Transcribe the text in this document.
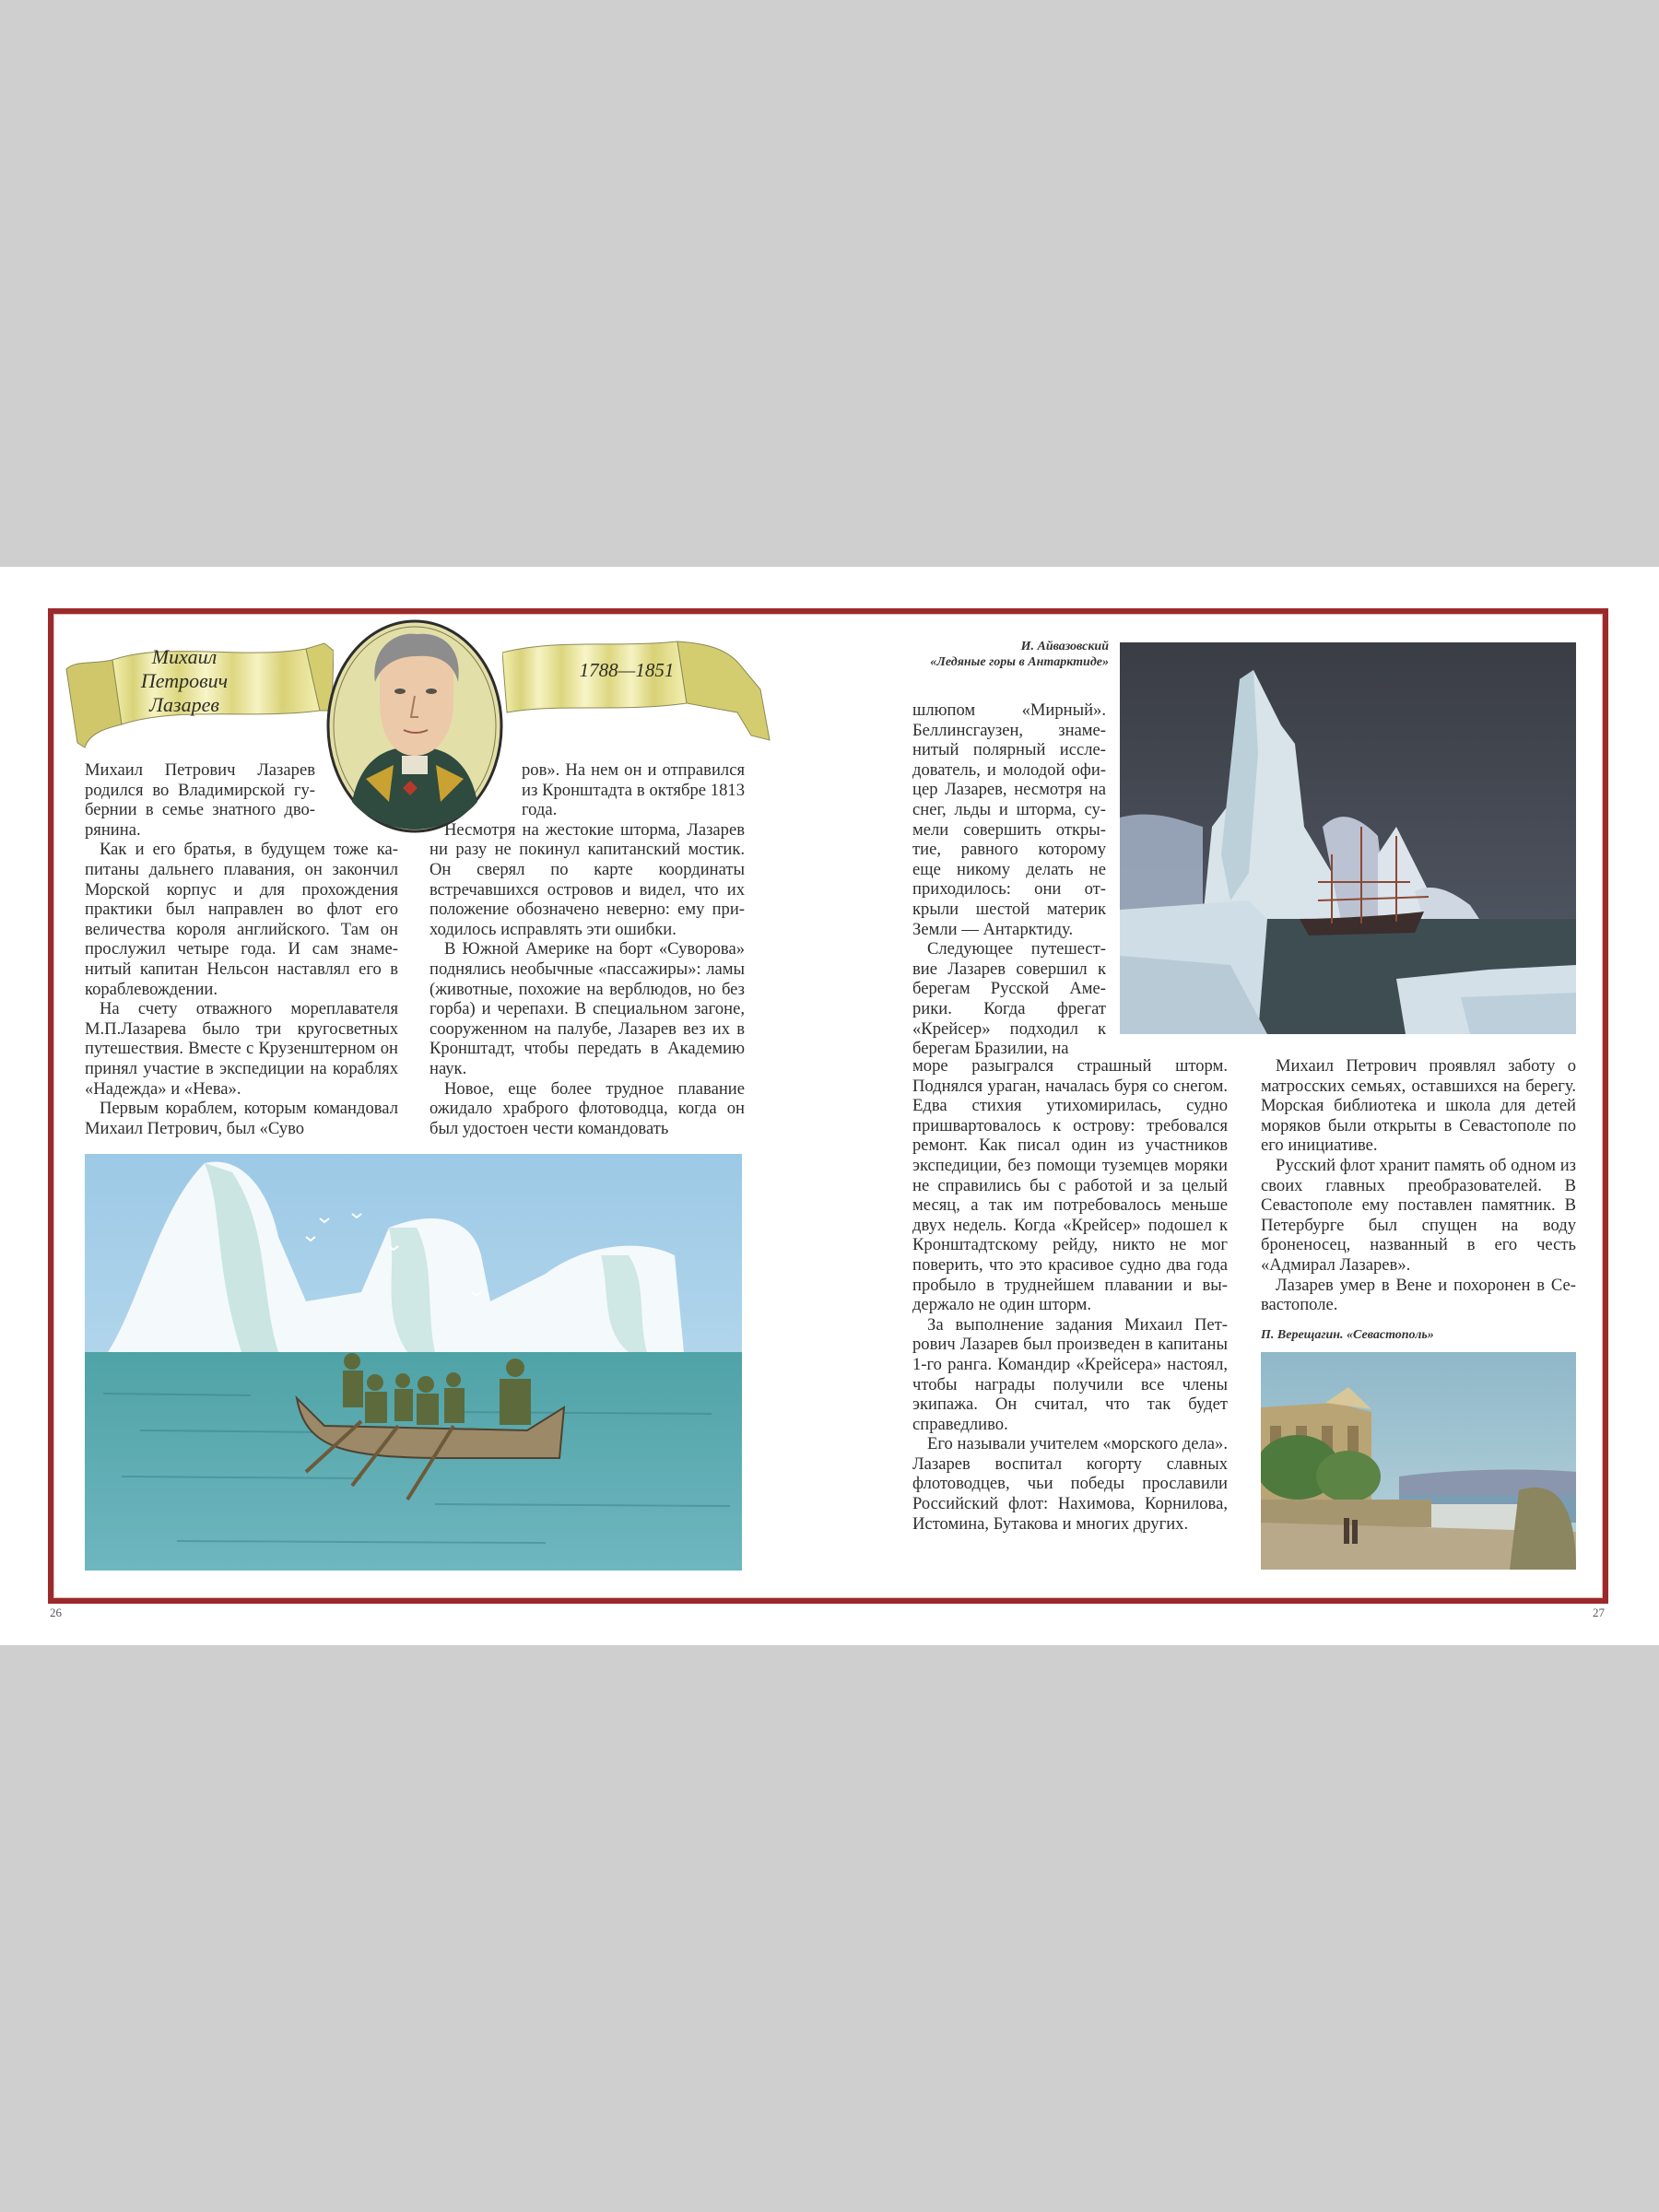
Михаил Петрович
Лазарев
1788—1851

Михаил Петрович Лазарев родился во Владимирской губернии в семье знатного дворянина.

Как и его братья, в будущем тоже капитаны дальнего плавания, он закончил Морской корпус и для прохождения практики был направлен во флот его величества короля английского. Там он прослужил четыре года. И сам знаменитый капитан Нельсон наставлял его в кораблевождении.

На счету отважного мореплавателя М.П.Лазарева было три кругосветных путешествия. Вместе с Крузенштерном он принял участие в экспедиции на кораблях «Надежда» и «Нева».

Первым кораблем, которым командовал Михаил Петрович, был «Суво

ров». На нем он и отправился из Кронштадта в октябре 1813 года.

Несмотря на жестокие шторма, Лазарев ни разу не покинул капитанский мостик. Он сверял по карте координаты встречавшихся островов и видел, что их положение обозначено неверно: ему приходилось исправлять эти ошибки.

В Южной Америке на борт «Суворова» поднялись необычные «пассажиры»: ламы (животные, похожие на верблюдов, но без горба) и черепахи. В специальном загоне, сооруженном на палубе, Лазарев вез их в Кронштадт, чтобы передать в Академию наук.

Новое, еще более трудное плавание ожидало храброго флотоводца, когда он был удостоен чести командовать

И. Айвазовский
«Ледяные горы в Антарктиде»

шлюпом «Мирный». Беллинсгаузен, знаменитый полярный исследователь, и молодой офицер Лазарев, несмотря на снег, льды и шторма, сумели совершить открытие, равного которому еще никому делать не приходилось: они открыли шестой материк Земли — Антарктиду.

Следующее путешествие Лазарев совершил к берегам Русской Америки. Когда фрегат «Крейсер» подходил к берегам Бразилии, на

море разыгрался страшный шторм. Поднялся ураган, началась буря со снегом. Едва стихия утихомирилась, судно пришвартовалось к острову: требовался ремонт. Как писал один из участников экспедиции, без помощи туземцев моряки не справились бы с работой и за целый месяц, а так им потребовалось меньше двух недель. Когда «Крейсер» подошел к Кронштадтскому рейду, никто не мог поверить, что это красивое судно два года пробыло в труднейшем плавании и выдержало не один шторм.

За выполнение задания Михаил Петрович Лазарев был произведен в капитаны 1-го ранга. Командир «Крейсера» настоял, чтобы награды получили все члены экипажа. Он считал, что так будет справедливо.

Его называли учителем «морского дела». Лазарев воспитал когорту славных флотоводцев, чьи победы прославили Российский флот: Нахимова, Корнилова, Истомина, Бутакова и многих других.

Михаил Петрович проявлял заботу о матросских семьях, оставшихся на берегу. Морская библиотека и школа для детей моряков были открыты в Севастополе по его инициативе.

Русский флот хранит память об одном из своих главных преобразователей. В Севастополе ему поставлен памятник. В Петербурге был спущен на воду броненосец, названный в его честь «Адмирал Лазарев».

Лазарев умер в Вене и похоронен в Севастополе.

П. Верещагин. «Севастополь»
26	27
